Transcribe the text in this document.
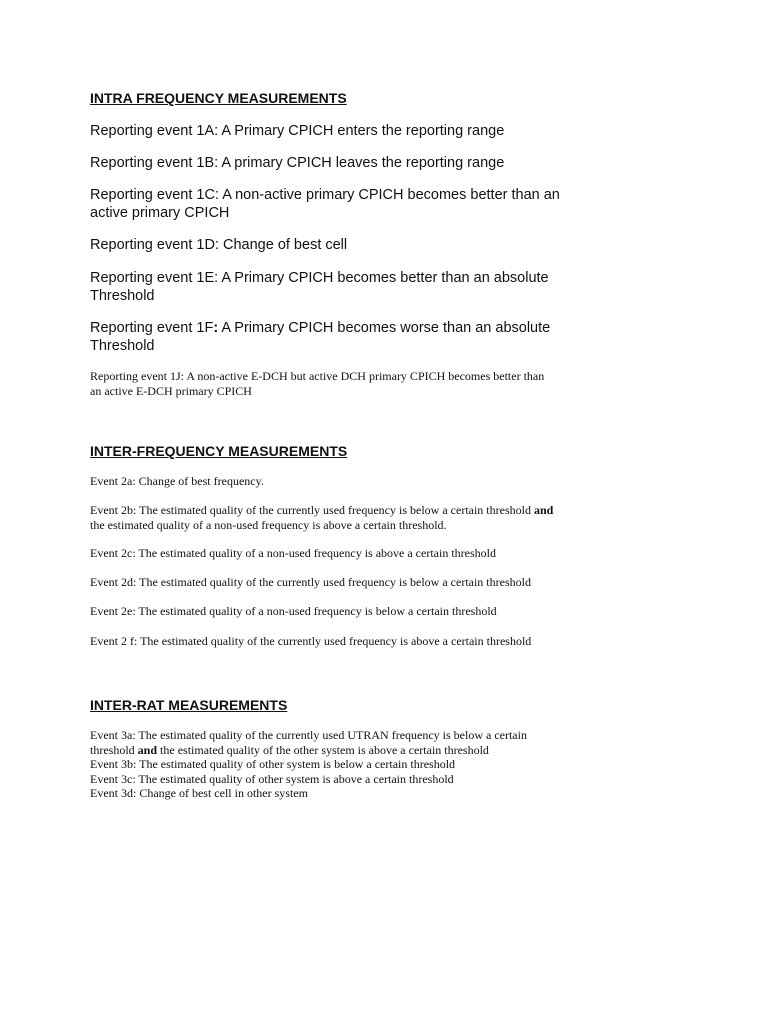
INTRA FREQUENCY MEASUREMENTS
Reporting event 1A: A Primary CPICH enters the reporting range
Reporting event 1B: A primary CPICH leaves the reporting range
Reporting event 1C: A non-active primary CPICH becomes better than an
active primary CPICH
Reporting event 1D: Change of best cell
Reporting event 1E: A Primary CPICH becomes better than an absolute
Threshold
Reporting event 1F: A Primary CPICH becomes worse than an absolute
Threshold
Reporting event 1J: A non-active E-DCH but active DCH primary CPICH becomes better than
an active E-DCH primary CPICH
INTER-FREQUENCY MEASUREMENTS
Event 2a: Change of best frequency.
Event 2b: The estimated quality of the currently used frequency is below a certain threshold and
the estimated quality of a non-used frequency is above a certain threshold.
Event 2c: The estimated quality of a non-used frequency is above a certain threshold
Event 2d: The estimated quality of the currently used frequency is below a certain threshold
Event 2e: The estimated quality of a non-used frequency is below a certain threshold
Event 2 f: The estimated quality of the currently used frequency is above a certain threshold
INTER-RAT MEASUREMENTS
Event 3a: The estimated quality of the currently used UTRAN frequency is below a certain
threshold and the estimated quality of the other system is above a certain threshold
Event 3b: The estimated quality of other system is below a certain threshold
Event 3c: The estimated quality of other system is above a certain threshold
Event 3d: Change of best cell in other system
